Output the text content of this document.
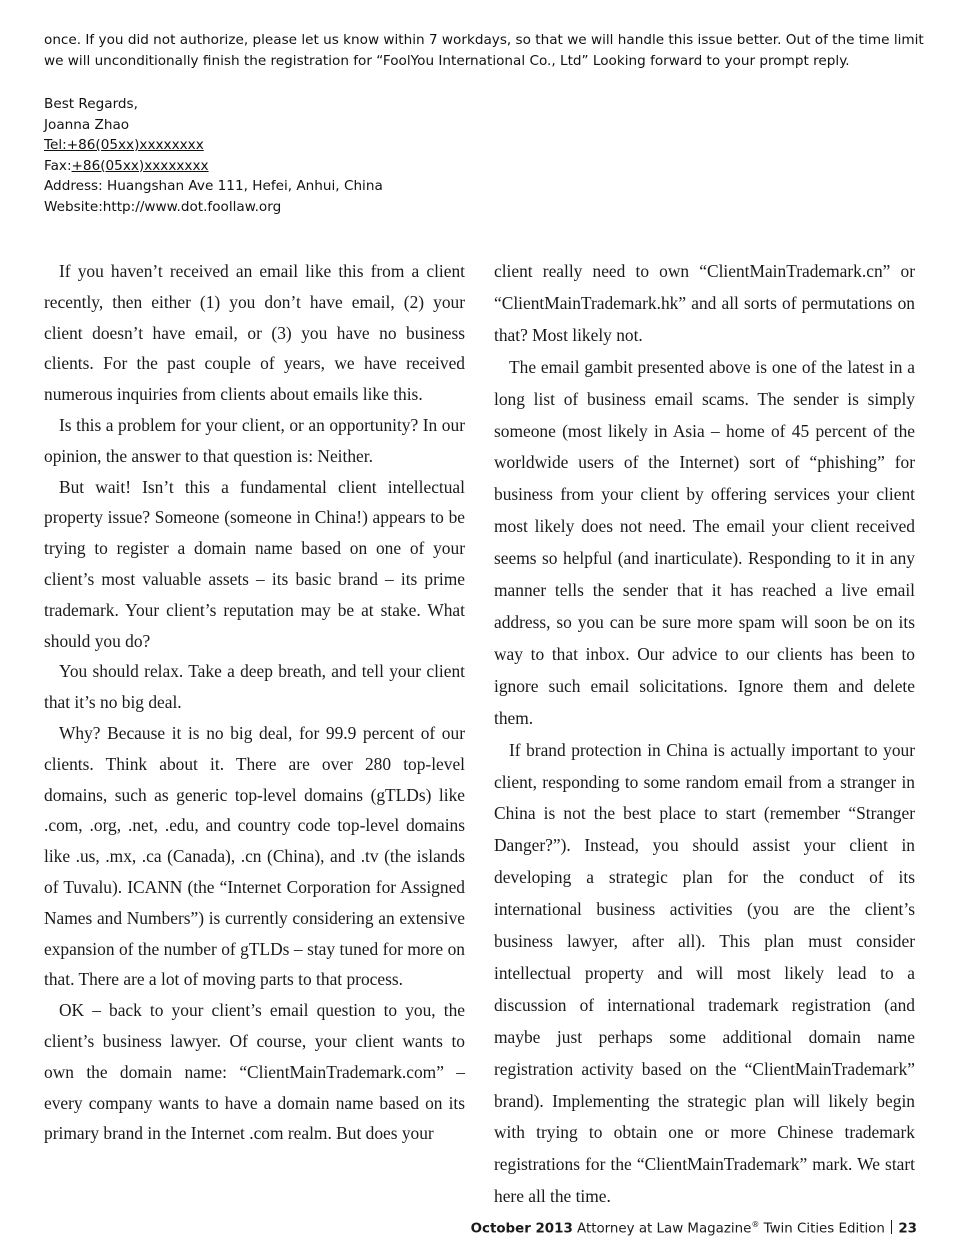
once. If you did not authorize, please let us know within 7 workdays, so that we will handle this issue better. Out of the time limit we will unconditionally finish the registration for “FoolYou International Co., Ltd” Looking forward to your prompt reply.

Best Regards,

Joanna Zhao

Tel:+86(05xx)xxxxxxxx

Fax:+86(05xx)xxxxxxxx

Address: Huangshan Ave 111, Hefei, Anhui, China

Website:http://www.dot.foollaw.org

If you haven’t received an email like this from a client recently, then either (1) you don’t have email, (2) your client doesn’t have email, or (3) you have no business clients. For the past couple of years, we have received numerous inquiries from clients about emails like this.

Is this a problem for your client, or an opportunity? In our opinion, the answer to that question is: Neither.

But wait! Isn’t this a fundamental client intellectual property issue? Someone (someone in China!) appears to be trying to register a domain name based on one of your client’s most valuable assets – its basic brand – its prime trademark. Your client’s reputation may be at stake. What should you do?

You should relax. Take a deep breath, and tell your client that it’s no big deal.

Why? Because it is no big deal, for 99.9 percent of our clients. Think about it. There are over 280 top-level domains, such as generic top-level domains (gTLDs) like .com, .org, .net, .edu, and country code top-level domains like .us, .mx, .ca (Canada), .cn (China), and .tv (the islands of Tuvalu). ICANN (the “Internet Corporation for Assigned Names and Numbers”) is currently considering an extensive expansion of the number of gTLDs – stay tuned for more on that. There are a lot of moving parts to that process.

OK – back to your client’s email question to you, the client’s business lawyer. Of course, your client wants to own the domain name: “ClientMainTrademark.com” – every company wants to have a domain name based on its primary brand in the Internet .com realm. But does your

client really need to own “ClientMainTrademark.cn” or “ClientMainTrademark.hk” and all sorts of permutations on that? Most likely not.

The email gambit presented above is one of the latest in a long list of business email scams. The sender is simply someone (most likely in Asia – home of 45 percent of the worldwide users of the Internet) sort of “phishing” for business from your client by offering services your client most likely does not need. The email your client received seems so helpful (and inarticulate). Responding to it in any manner tells the sender that it has reached a live email address, so you can be sure more spam will soon be on its way to that inbox. Our advice to our clients has been to ignore such email solicitations. Ignore them and delete them.

If brand protection in China is actually important to your client, responding to some random email from a stranger in China is not the best place to start (remember “Stranger Danger?”). Instead, you should assist your client in developing a strategic plan for the conduct of its international business activities (you are the client’s business lawyer, after all). This plan must consider intellectual property and will most likely lead to a discussion of international trademark registration (and maybe just perhaps some additional domain name registration activity based on the “ClientMainTrademark” brand). Implementing the strategic plan will likely begin with trying to obtain one or more Chinese trademark registrations for the “ClientMainTrademark” mark. We start here all the time.

October 2013 Attorney at Law Magazine® Twin Cities Edition 23
